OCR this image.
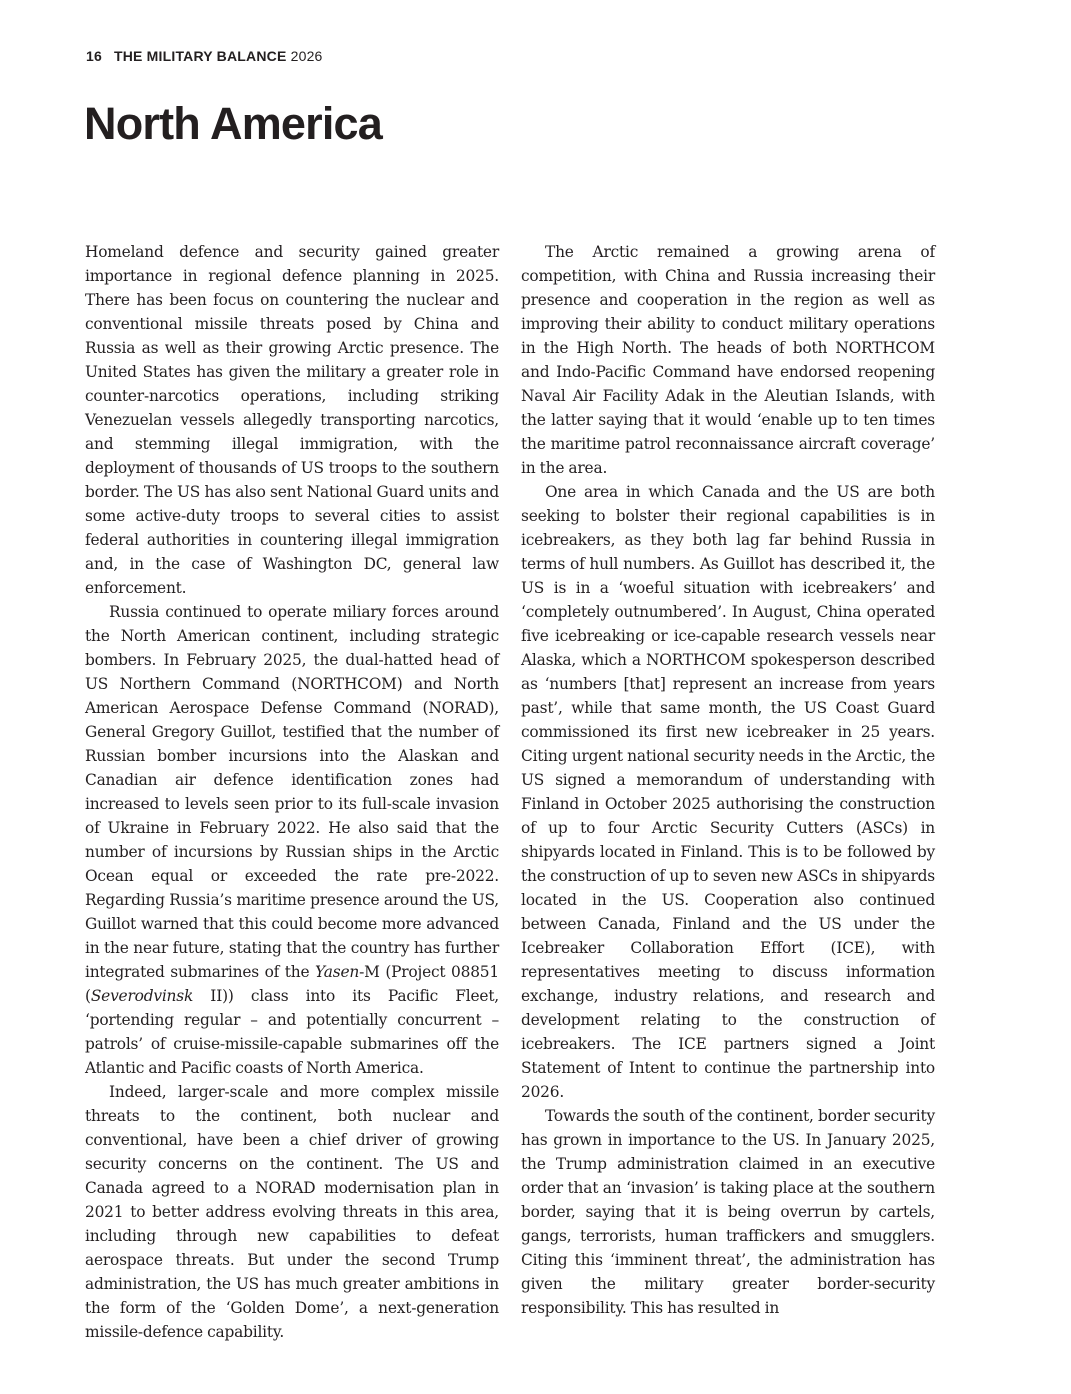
16 THE MILITARY BALANCE 2026
North America

Homeland defence and security gained greater importance in regional defence planning in 2025. There has been focus on countering the nuclear and conventional missile threats posed by China and Russia as well as their growing Arctic presence. The United States has given the military a greater role in counter-narcotics operations, including striking Venezuelan vessels allegedly transporting narcotics, and stemming illegal immigration, with the deployment of thousands of US troops to the southern border. The US has also sent National Guard units and some active-duty troops to several cities to assist federal authorities in countering illegal immigration and, in the case of Washington DC, general law enforcement.

Russia continued to operate miliary forces around the North American continent, including strategic bombers. In February 2025, the dual-hatted head of US Northern Command (NORTHCOM) and North American Aerospace Defense Command (NORAD), General Gregory Guillot, testified that the number of Russian bomber incursions into the Alaskan and Canadian air defence identification zones had increased to levels seen prior to its full-scale invasion of Ukraine in February 2022. He also said that the number of incursions by Russian ships in the Arctic Ocean equal or exceeded the rate pre-2022. Regarding Russia’s maritime presence around the US, Guillot warned that this could become more advanced in the near future, stating that the country has further integrated submarines of the Yasen-M (Project 08851 (Severodvinsk II)) class into its Pacific Fleet, ‘portending regular – and potentially concurrent – patrols’ of cruise-missile-capable submarines off the Atlantic and Pacific coasts of North America.

Indeed, larger-scale and more complex missile threats to the continent, both nuclear and conventional, have been a chief driver of growing security concerns on the continent. The US and Canada agreed to a NORAD modernisation plan in 2021 to better address evolving threats in this area, including through new capabilities to defeat aerospace threats. But under the second Trump administration, the US has much greater ambitions in the form of the ‘Golden Dome’, a next-generation missile-defence capability.

The Arctic remained a growing arena of competition, with China and Russia increasing their presence and cooperation in the region as well as improving their ability to conduct military operations in the High North. The heads of both NORTHCOM and Indo-Pacific Command have endorsed reopening Naval Air Facility Adak in the Aleutian Islands, with the latter saying that it would ‘enable up to ten times the maritime patrol reconnaissance aircraft coverage’ in the area.

One area in which Canada and the US are both seeking to bolster their regional capabilities is in icebreakers, as they both lag far behind Russia in terms of hull numbers. As Guillot has described it, the US is in a ‘woeful situation with icebreakers’ and ‘completely outnumbered’. In August, China operated five icebreaking or ice-capable research vessels near Alaska, which a NORTHCOM spokesperson described as ‘numbers [that] represent an increase from years past’, while that same month, the US Coast Guard commissioned its first new icebreaker in 25 years. Citing urgent national security needs in the Arctic, the US signed a memorandum of understanding with Finland in October 2025 authorising the construction of up to four Arctic Security Cutters (ASCs) in shipyards located in Finland. This is to be followed by the construction of up to seven new ASCs in shipyards located in the US. Cooperation also continued between Canada, Finland and the US under the Icebreaker Collaboration Effort (ICE), with representatives meeting to discuss information exchange, industry relations, and research and development relating to the construction of icebreakers. The ICE partners signed a Joint Statement of Intent to continue the partnership into 2026.

Towards the south of the continent, border security has grown in importance to the US. In January 2025, the Trump administration claimed in an executive order that an ‘invasion’ is taking place at the southern border, saying that it is being overrun by cartels, gangs, terrorists, human traffickers and smugglers. Citing this ‘imminent threat’, the administration has given the military greater border-security responsibility. This has resulted in
